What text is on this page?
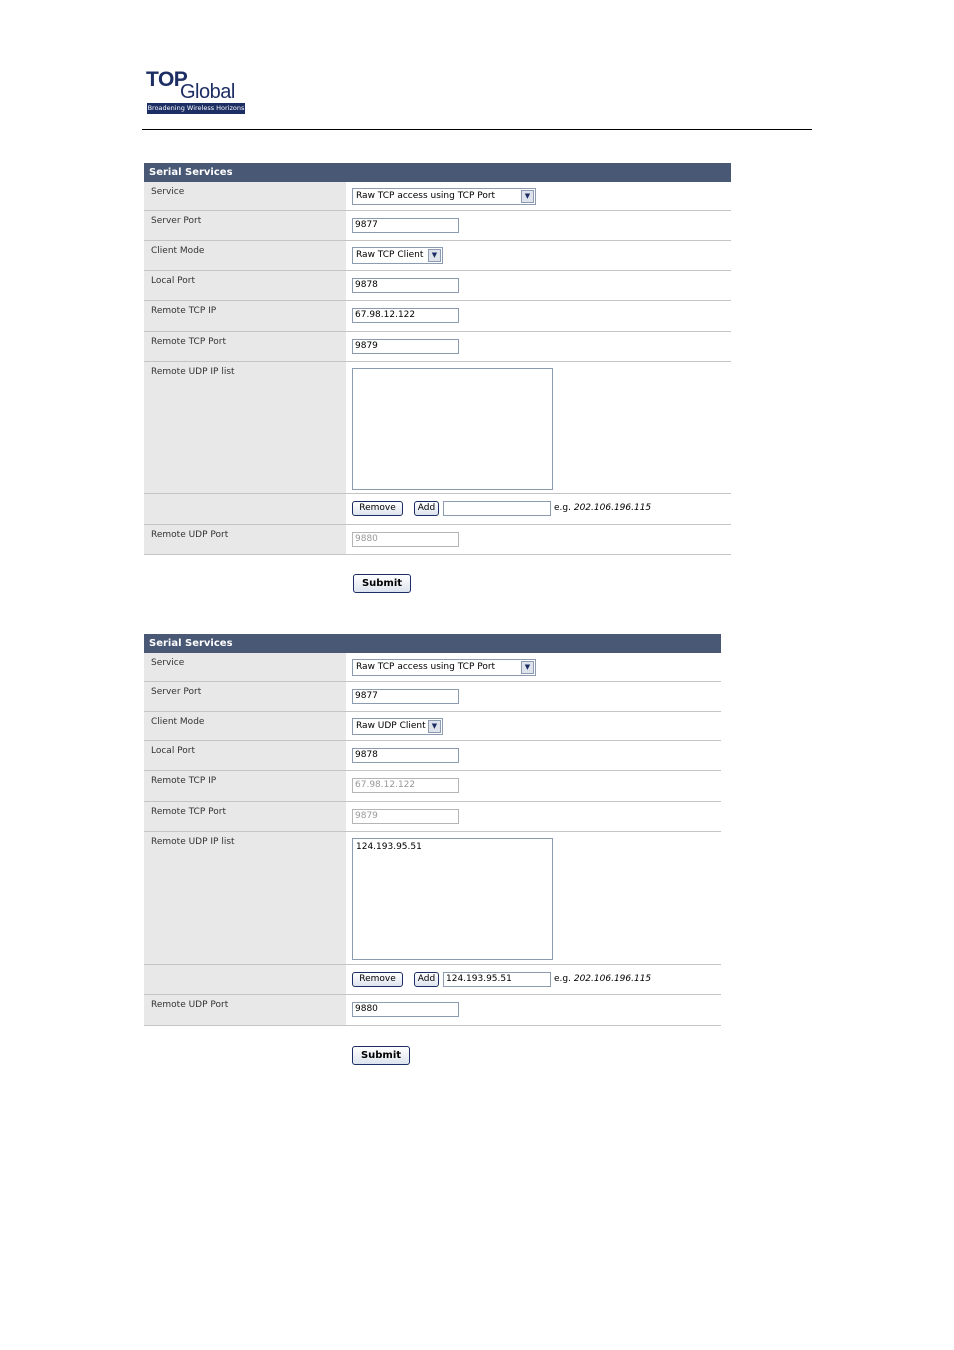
TOP
Global
Broadening Wireless Horizons
Serial Services
Service	Raw TCP access using TCP Port	▼
Server Port	9877
Client Mode	Raw TCP Client	▼
Local Port	9878
Remote TCP IP	67.98.12.122
Remote TCP Port	9879
Remote UDP IP list
Remove	Add	e.g. 202.106.196.115
Remote UDP Port	9880
Submit
Serial Services
Service	Raw TCP access using TCP Port	▼
Server Port	9877
Client Mode	Raw UDP Client ▼
Local Port	9878
Remote TCP IP	67.98.12.122
Remote TCP Port	9879
Remote UDP IP list	124.193.95.51
Remove	Add	124.193.95.51	e.g. 202.106.196.115
Remote UDP Port	9880
Submit
